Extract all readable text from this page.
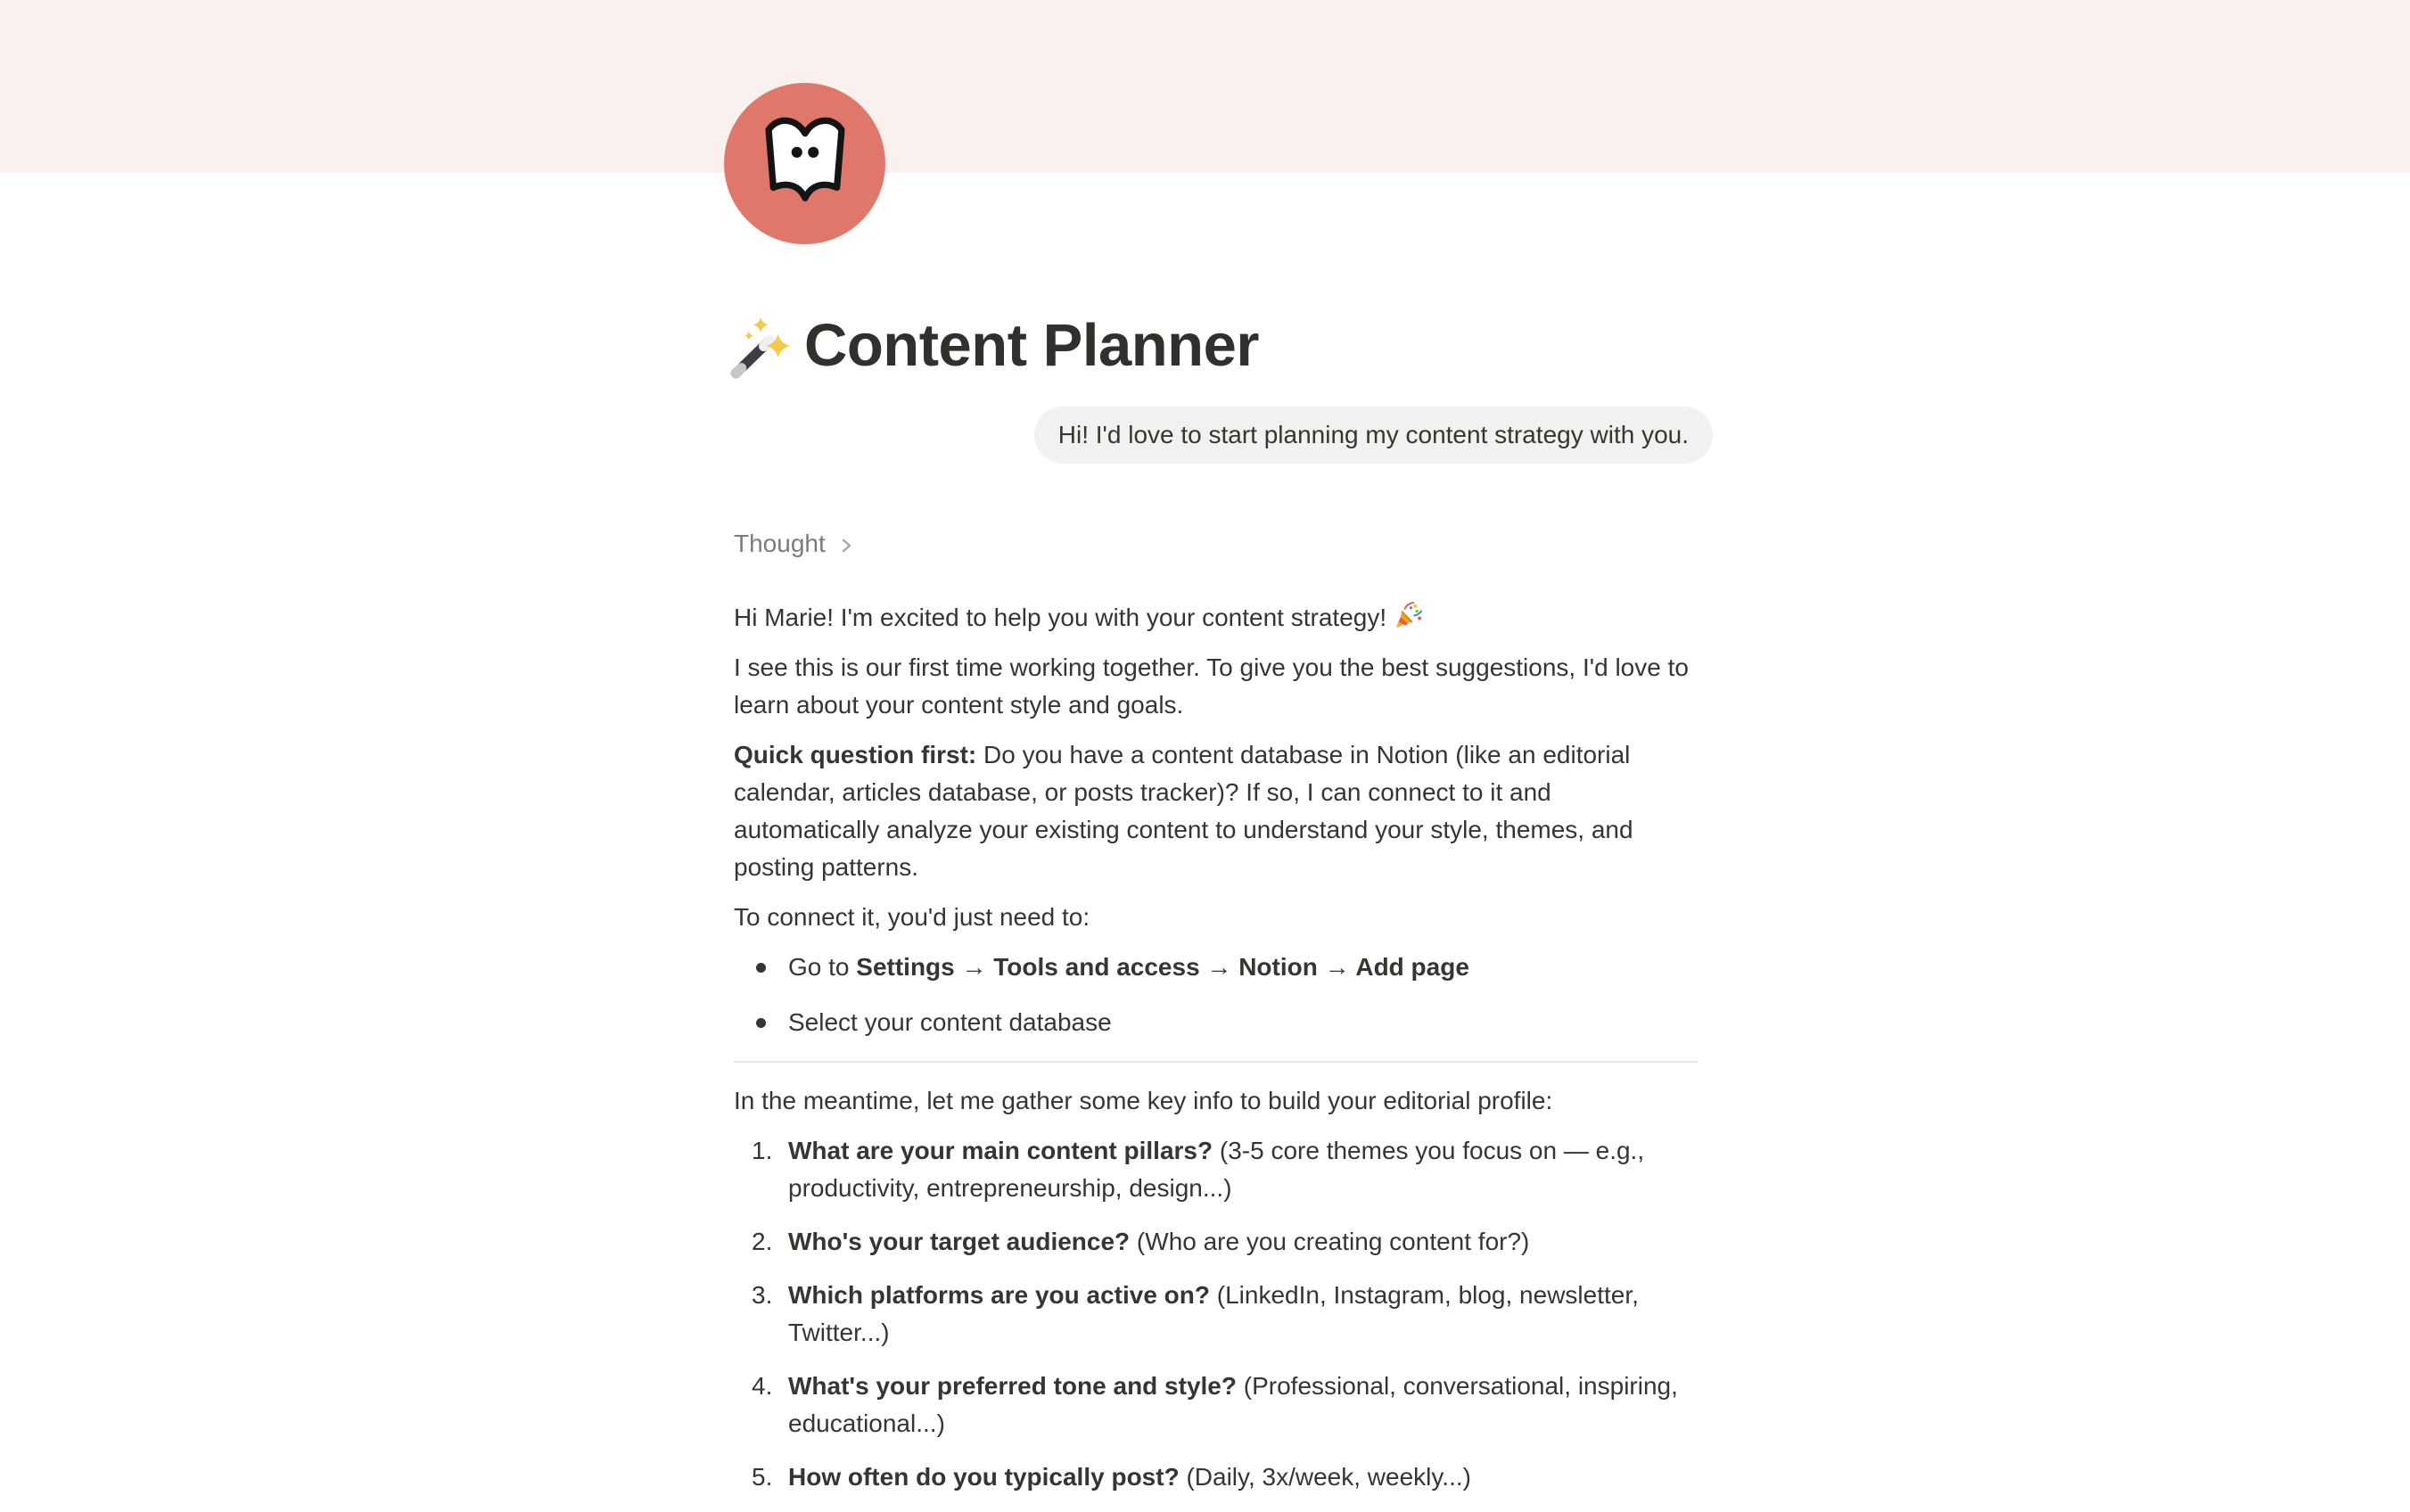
Content Planner
Hi! I'd love to start planning my content strategy with you.
Thought

Hi Marie! I'm excited to help you with your content strategy!

I see this is our first time working together. To give you the best suggestions, I'd love to learn about your content style and goals.

Quick question first: Do you have a content database in Notion (like an editorial calendar, articles database, or posts tracker)? If so, I can connect to it and automatically analyze your existing content to understand your style, themes, and posting patterns.

To connect it, you'd just need to:

Go to Settings → Tools and access → Notion → Add page
Select your content database

In the meantime, let me gather some key info to build your editorial profile:

1. What are your main content pillars? (3-5 core themes you focus on — e.g., productivity, entrepreneurship, design...)
2. Who's your target audience? (Who are you creating content for?)
3. Which platforms are you active on? (LinkedIn, Instagram, blog, newsletter, Twitter...)
4. What's your preferred tone and style? (Professional, conversational, inspiring, educational...)
5. How often do you typically post? (Daily, 3x/week, weekly...)
